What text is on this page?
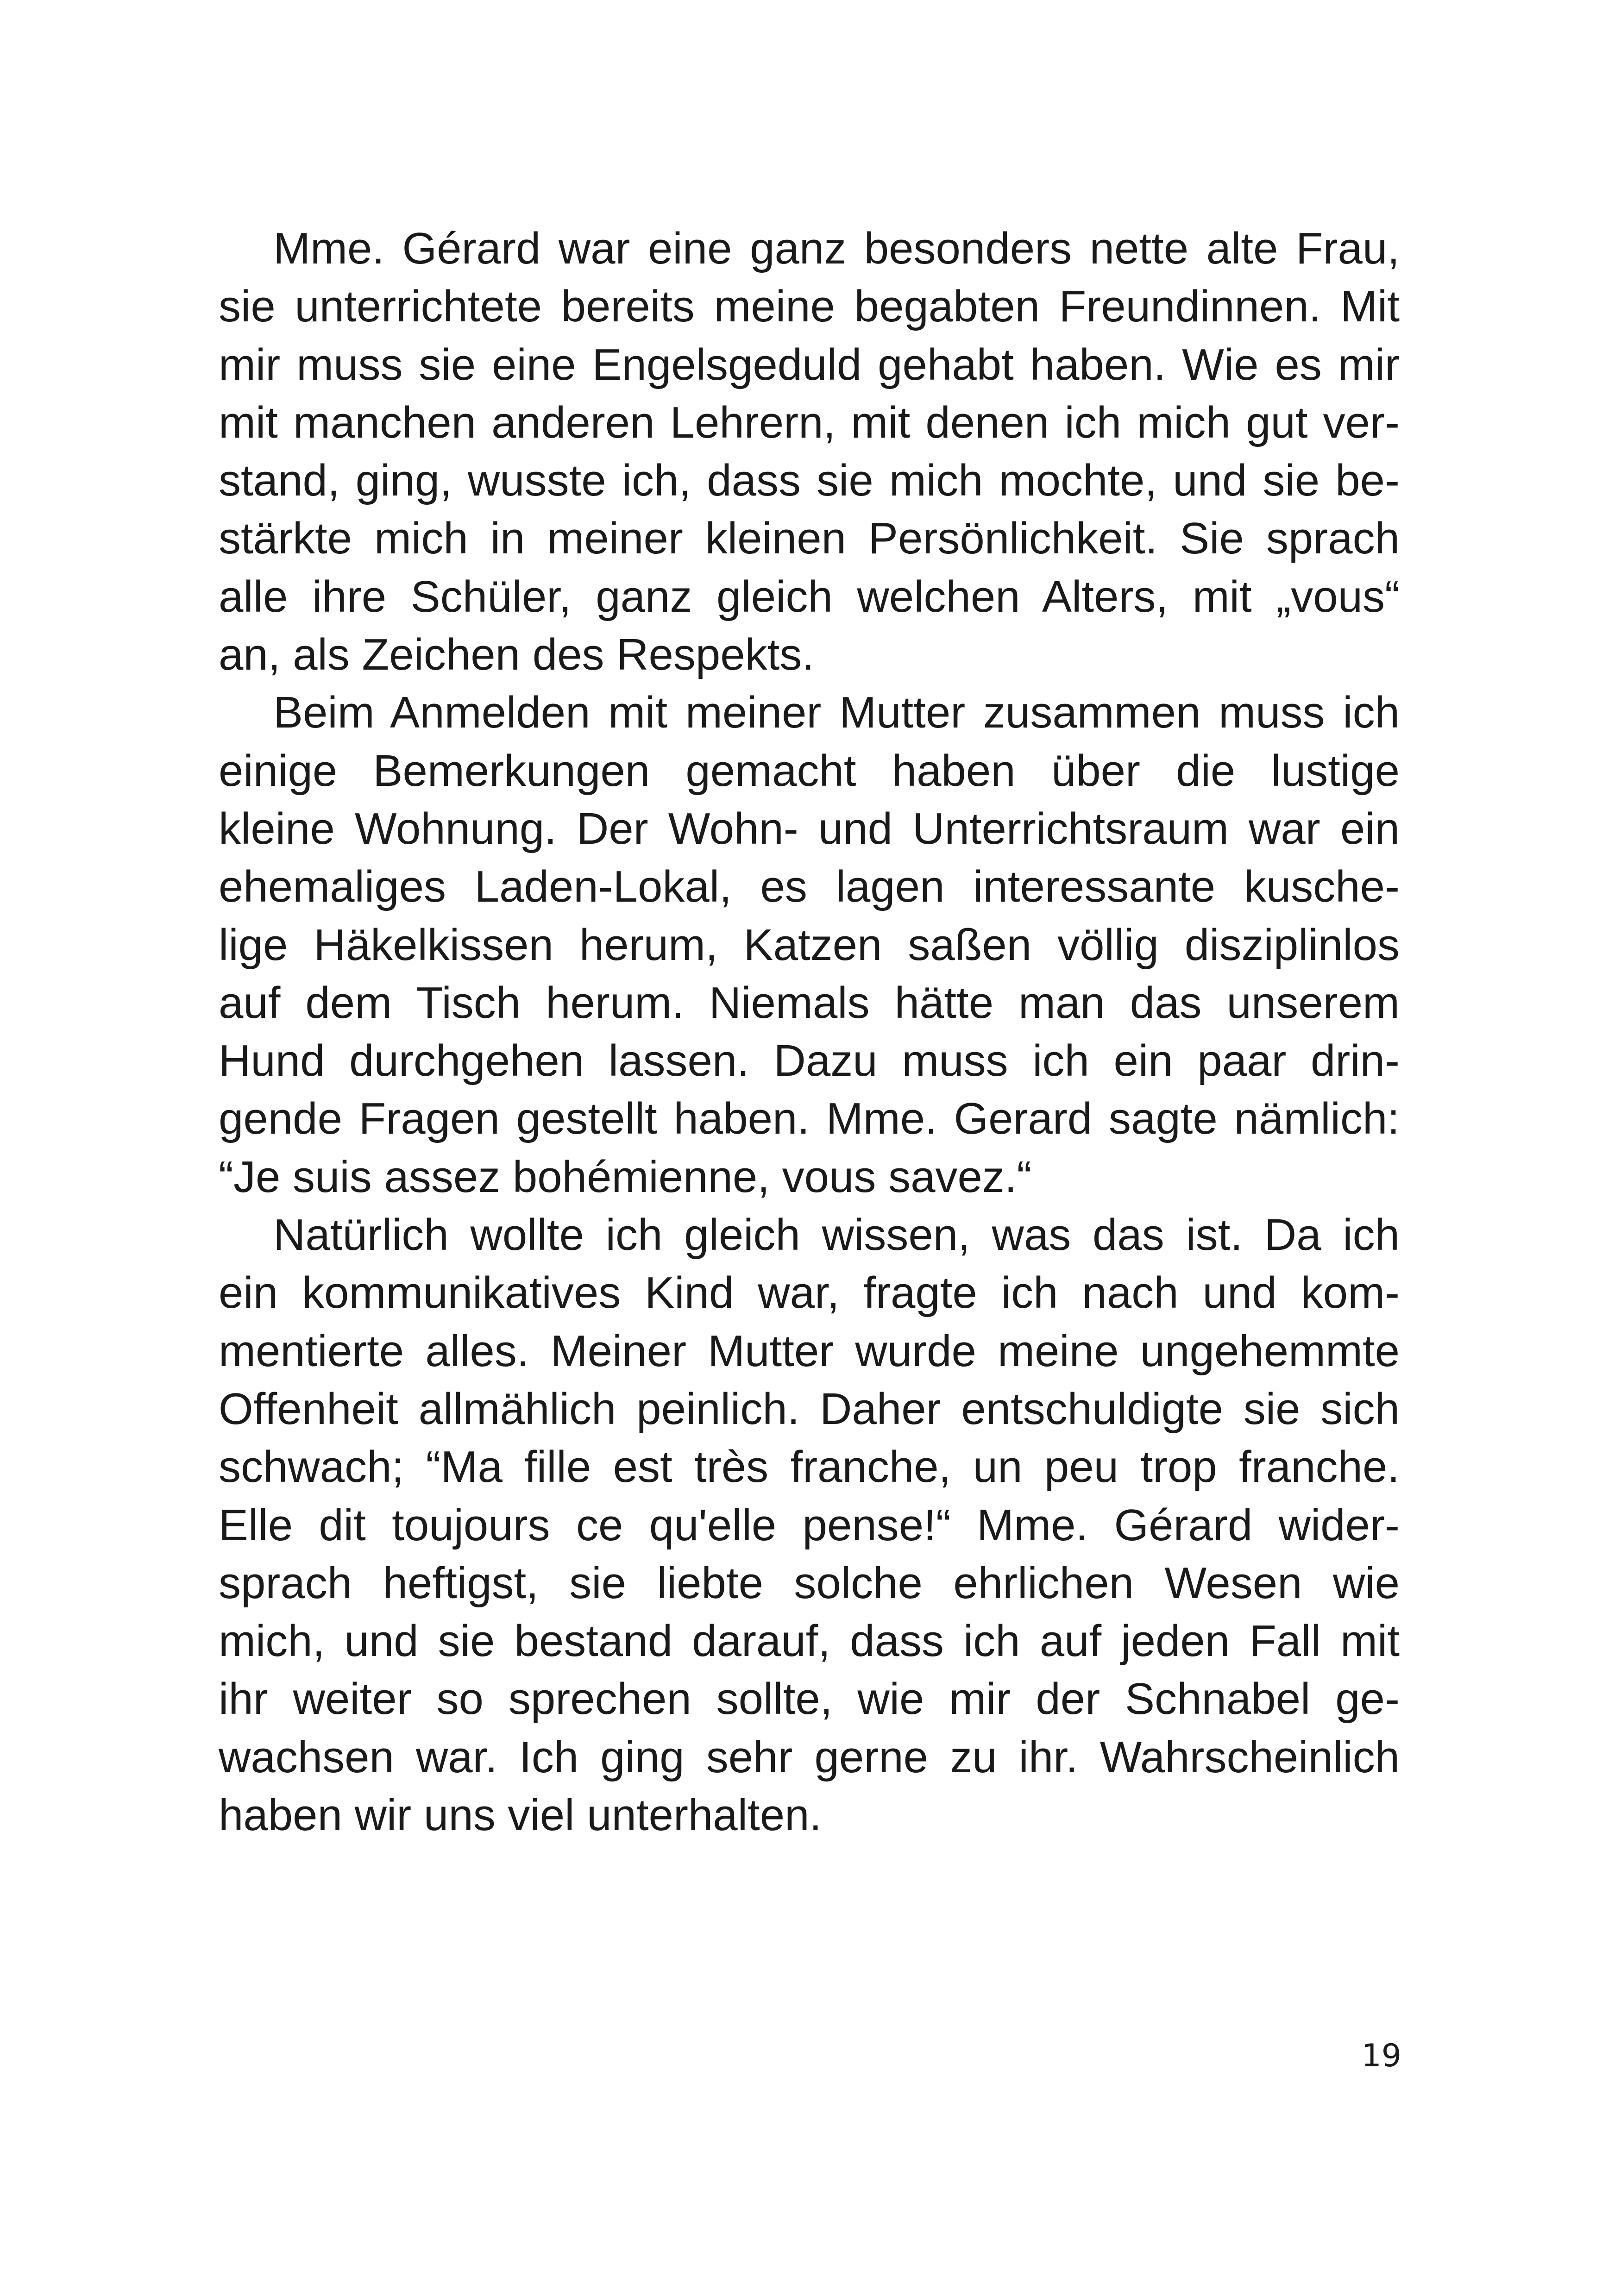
Mme. Gérard war eine ganz besonders nette alte Frau,
sie unterrichtete bereits meine begabten Freundinnen. Mit
mir muss sie eine Engelsgeduld gehabt haben. Wie es mir
mit manchen anderen Lehrern, mit denen ich mich gut ver-
stand, ging, wusste ich, dass sie mich mochte, und sie be-
stärkte mich in meiner kleinen Persönlichkeit. Sie sprach
alle ihre Schüler, ganz gleich welchen Alters, mit „vous“
an, als Zeichen des Respekts.
Beim Anmelden mit meiner Mutter zusammen muss ich
einige Bemerkungen gemacht haben über die lustige
kleine Wohnung. Der Wohn- und Unterrichtsraum war ein
ehemaliges Laden-Lokal, es lagen interessante kusche-
lige Häkelkissen herum, Katzen saßen völlig disziplinlos
auf dem Tisch herum. Niemals hätte man das unserem
Hund durchgehen lassen. Dazu muss ich ein paar drin-
gende Fragen gestellt haben. Mme. Gerard sagte nämlich:
“Je suis assez bohémienne, vous savez.“
Natürlich wollte ich gleich wissen, was das ist. Da ich
ein kommunikatives Kind war, fragte ich nach und kom-
mentierte alles. Meiner Mutter wurde meine ungehemmte
Offenheit allmählich peinlich. Daher entschuldigte sie sich
schwach; “Ma fille est très franche, un peu trop franche.
Elle dit toujours ce qu'elle pense!“ Mme. Gérard wider-
sprach heftigst, sie liebte solche ehrlichen Wesen wie
mich, und sie bestand darauf, dass ich auf jeden Fall mit
ihr weiter so sprechen sollte, wie mir der Schnabel ge-
wachsen war. Ich ging sehr gerne zu ihr. Wahrscheinlich
haben wir uns viel unterhalten.
19
